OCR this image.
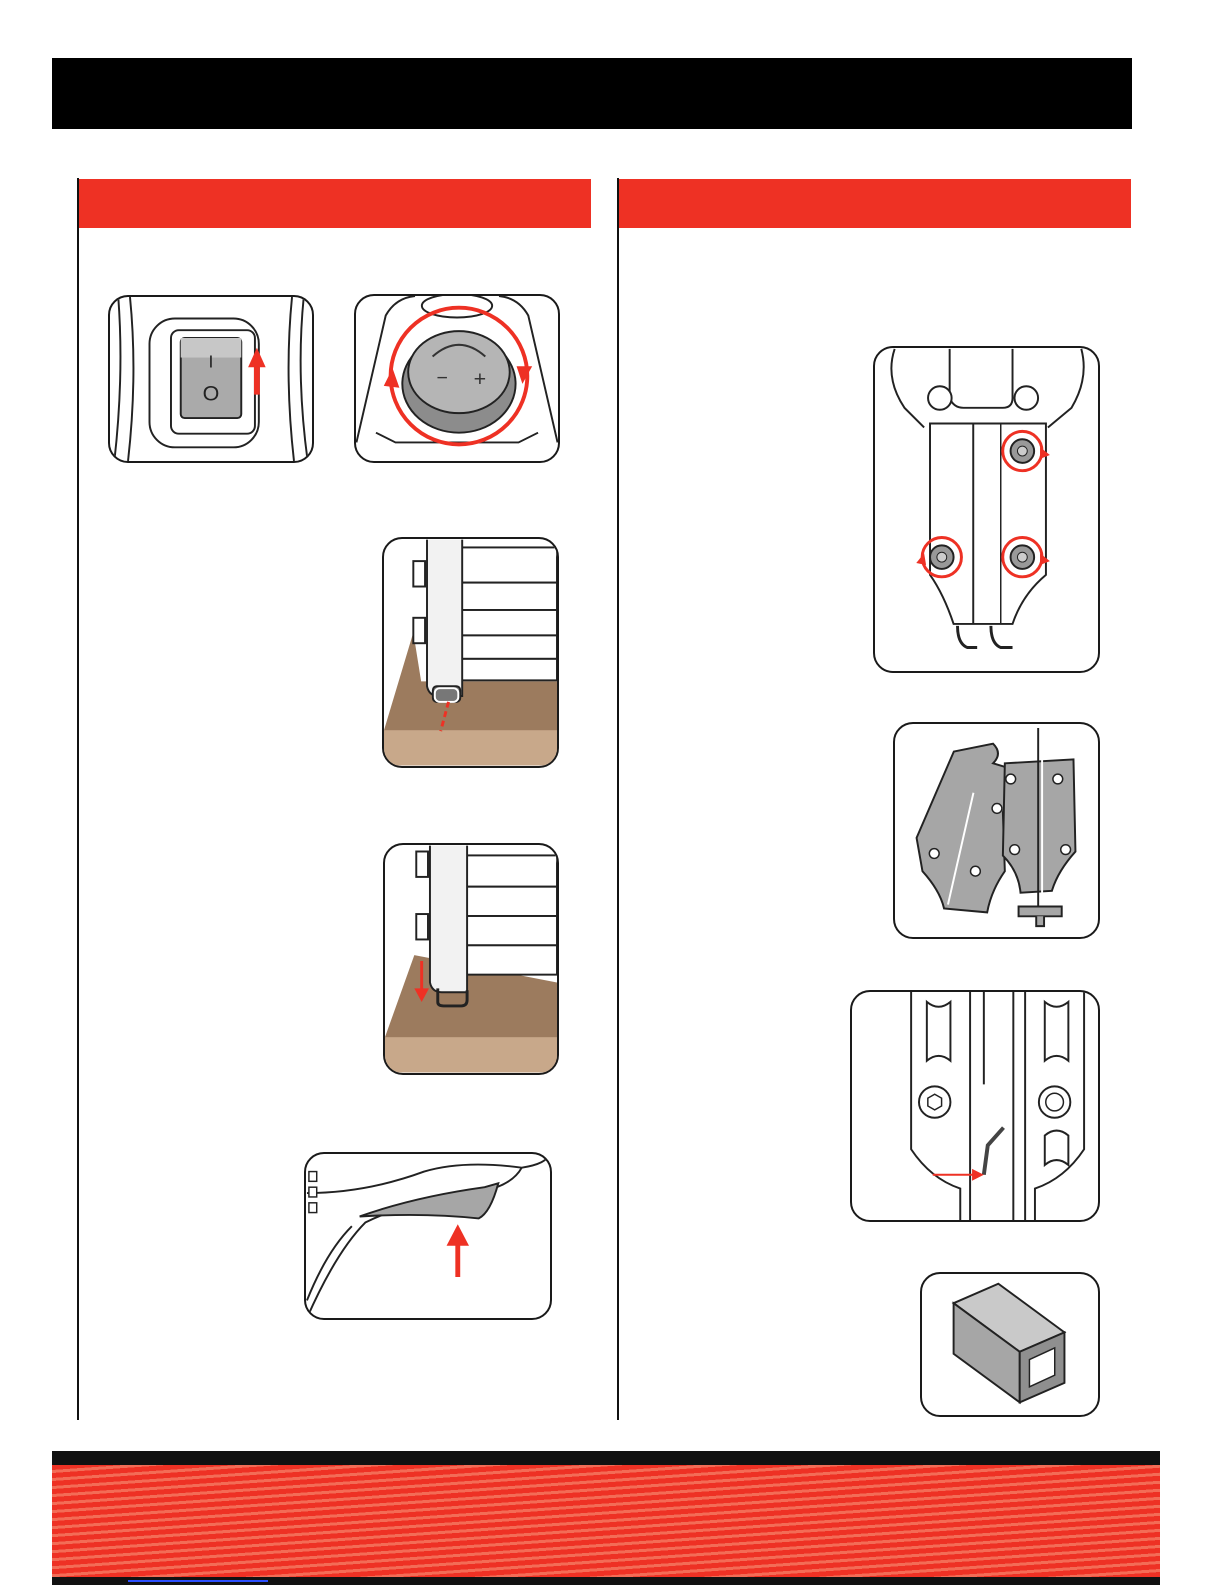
I
O
− +
